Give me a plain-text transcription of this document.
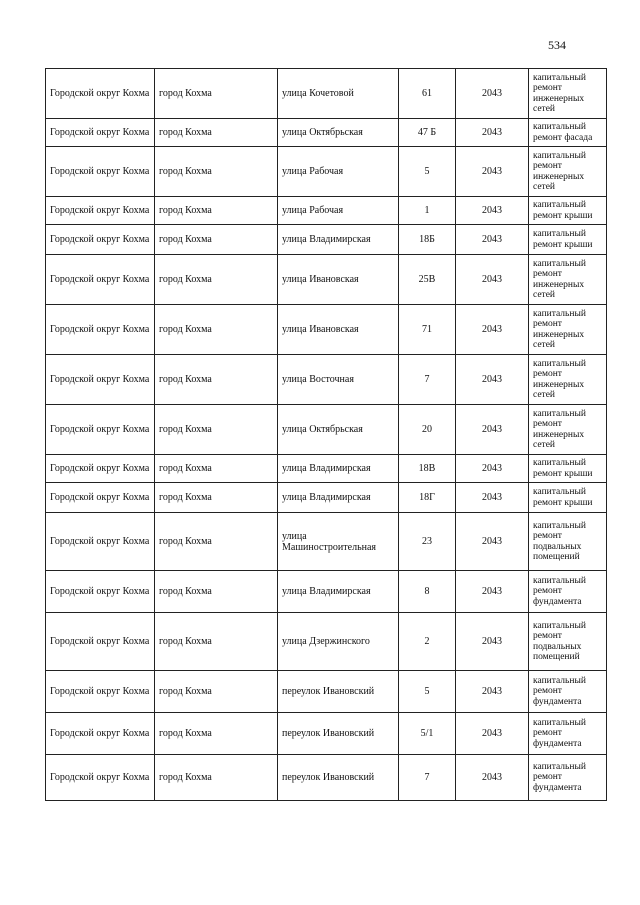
534
Городской округ Кохма	город Кохма	улица Кочетовой	61	2043	капитальный ремонт инженерных сетей
Городской округ Кохма	город Кохма	улица Октябрьская	47 Б	2043	капитальный ремонт фасада
Городской округ Кохма	город Кохма	улица Рабочая	5	2043	капитальный ремонт инженерных сетей
Городской округ Кохма	город Кохма	улица Рабочая	1	2043	капитальный ремонт крыши
Городской округ Кохма	город Кохма	улица Владимирская	18Б	2043	капитальный ремонт крыши
Городской округ Кохма	город Кохма	улица Ивановская	25В	2043	капитальный ремонт инженерных сетей
Городской округ Кохма	город Кохма	улица Ивановская	71	2043	капитальный ремонт инженерных сетей
Городской округ Кохма	город Кохма	улица Восточная	7	2043	капитальный ремонт инженерных сетей
Городской округ Кохма	город Кохма	улица Октябрьская	20	2043	капитальный ремонт инженерных сетей
Городской округ Кохма	город Кохма	улица Владимирская	18В	2043	капитальный ремонт крыши
Городской округ Кохма	город Кохма	улица Владимирская	18Г	2043	капитальный ремонт крыши
Городской округ Кохма	город Кохма	улица Машиностроительная	23	2043	капитальный ремонт подвальных помещений
Городской округ Кохма	город Кохма	улица Владимирская	8	2043	капитальный ремонт фундамента
Городской округ Кохма	город Кохма	улица Дзержинского	2	2043	капитальный ремонт подвальных помещений
Городской округ Кохма	город Кохма	переулок Ивановский	5	2043	капитальный ремонт фундамента
Городской округ Кохма	город Кохма	переулок Ивановский	5/1	2043	капитальный ремонт фундамента
Городской округ Кохма	город Кохма	переулок Ивановский	7	2043	капитальный ремонт фундамента
